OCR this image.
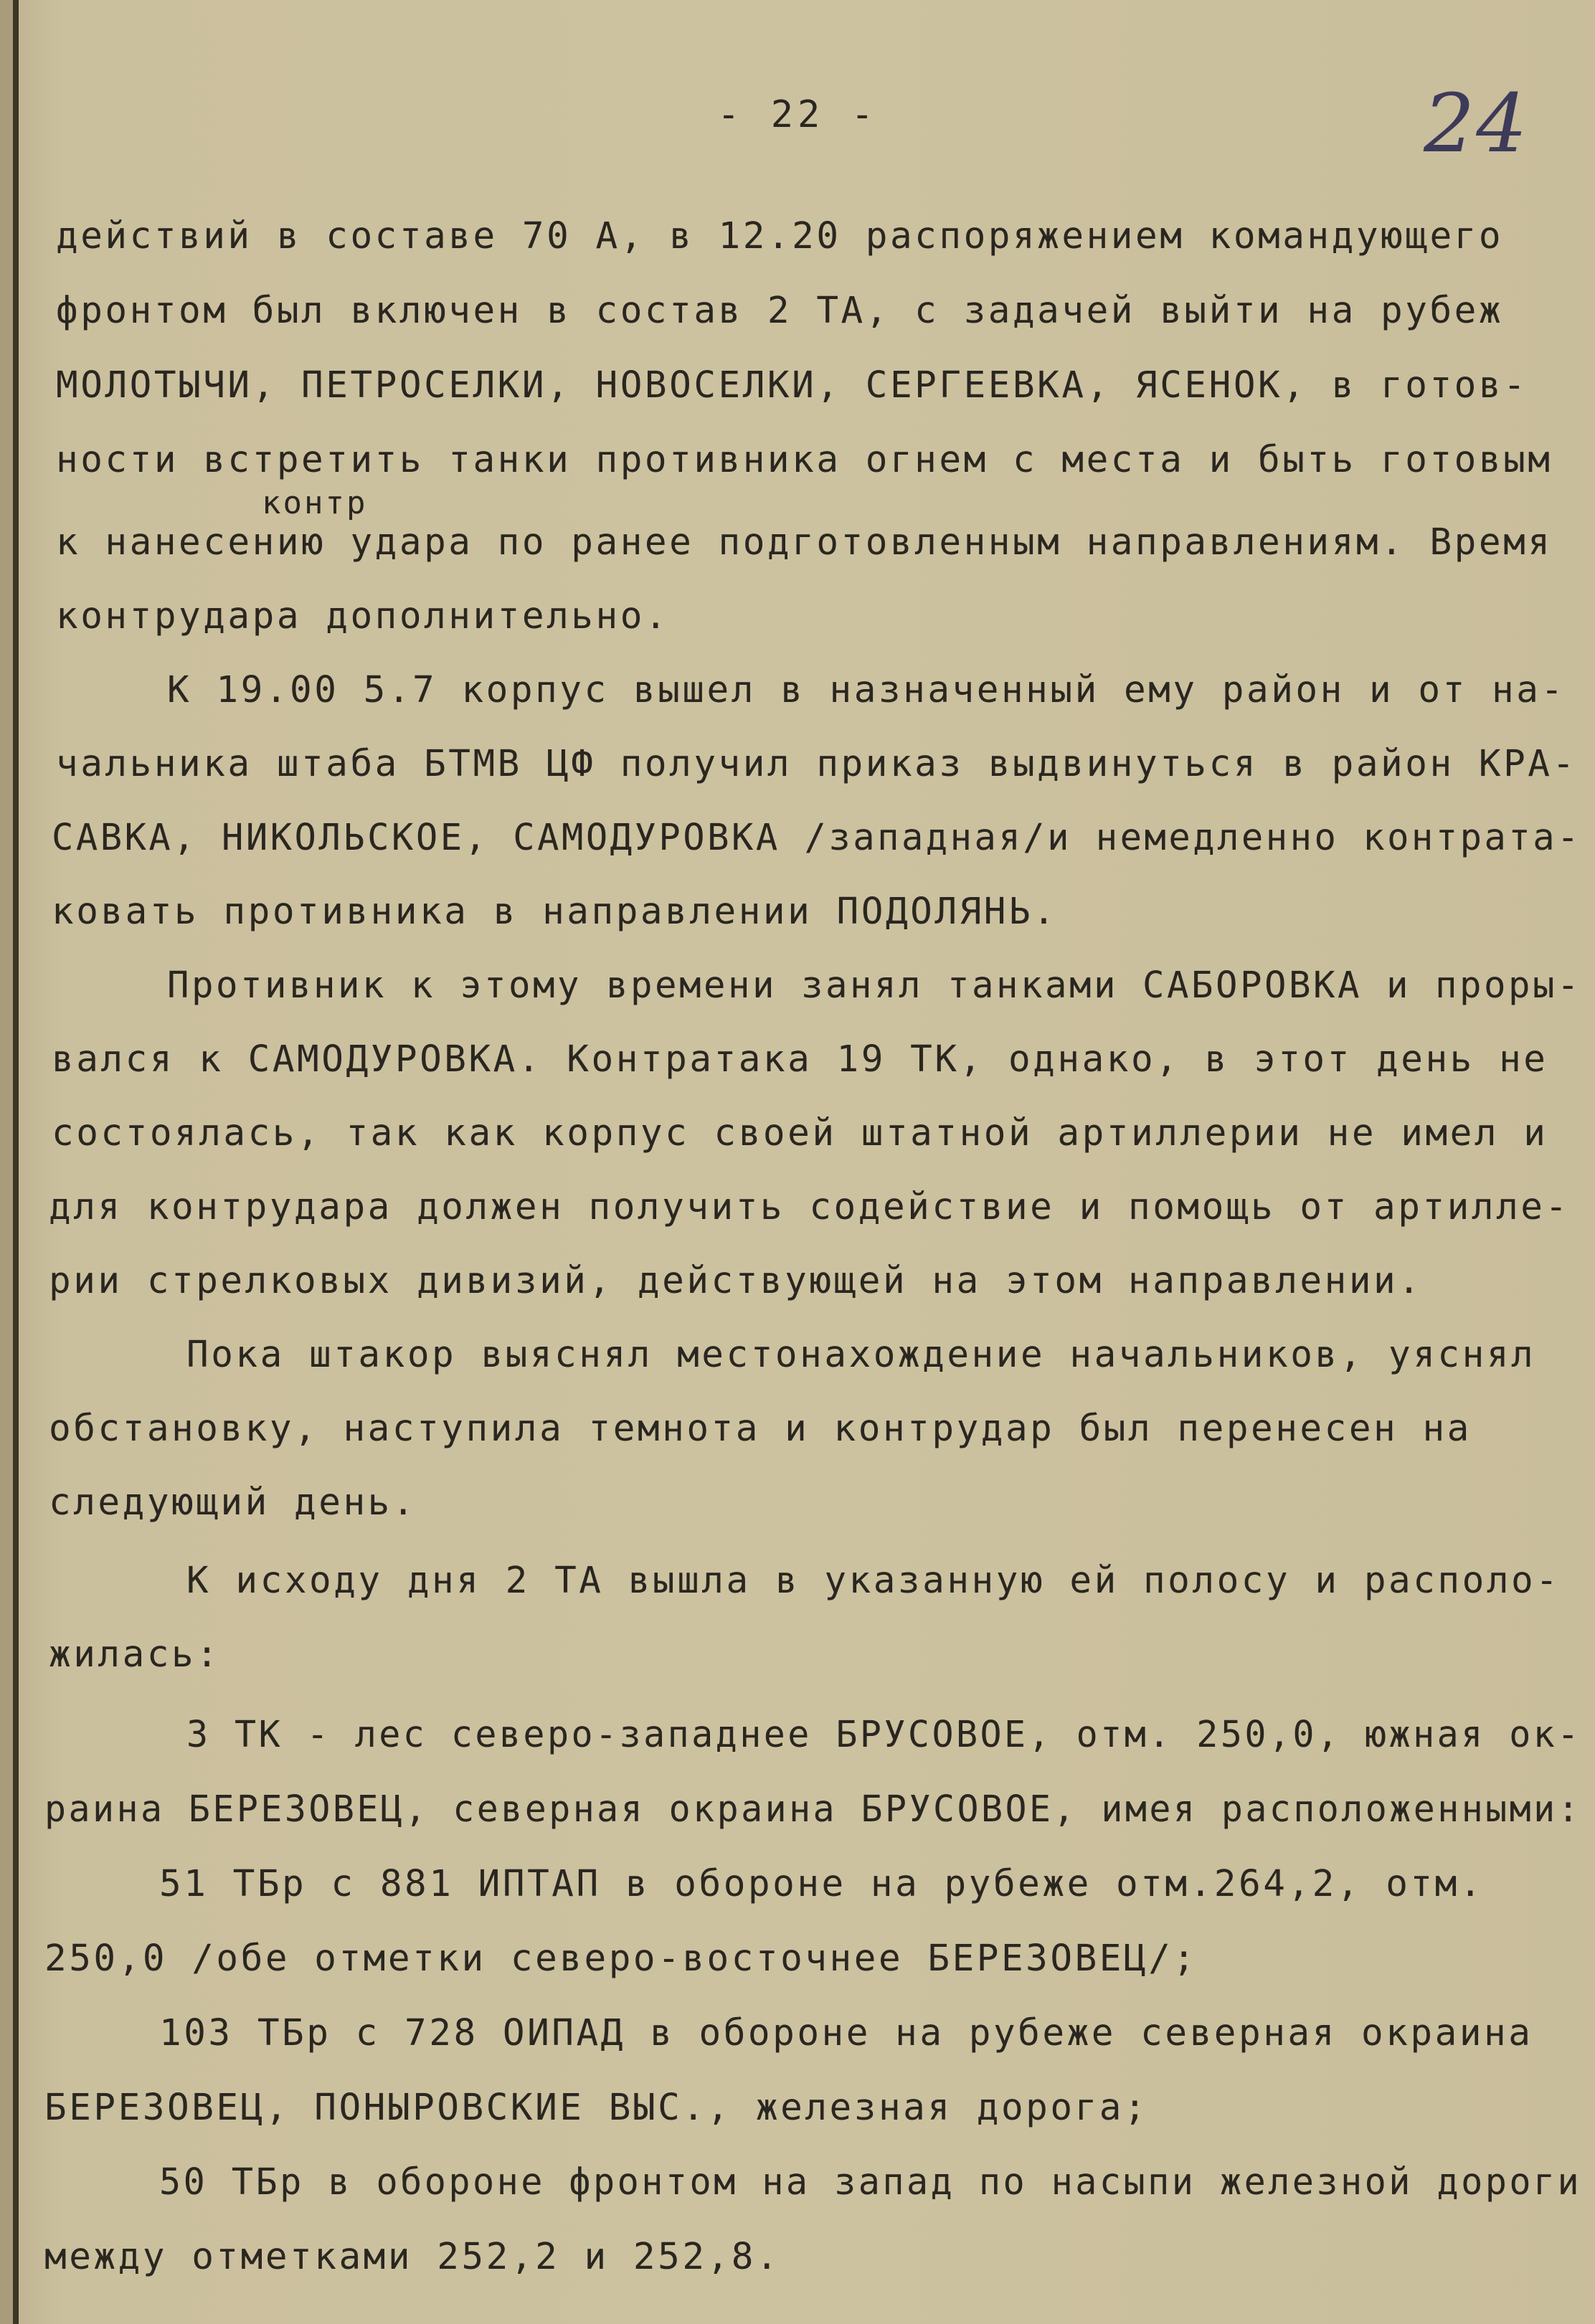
- 22 -	24
контр
действий в составе 70 А, в 12.20 распоряжением командующего
фронтом был включен в состав 2 ТА, с задачей выйти на рубеж
МОЛОТЫЧИ, ПЕТРОСЕЛКИ, НОВОСЕЛКИ, СЕРГЕЕВКА, ЯСЕНОК, в готов-
ности встретить танки противника огнем с места и быть готовым
к нанесению удара по ранее подготовленным направлениям. Время
контрудара дополнительно.
К 19.00 5.7 корпус вышел в назначенный ему район и от на-
чальника штаба БТМВ ЦФ получил приказ выдвинуться в район КРА-
САВКА, НИКОЛЬСКОЕ, САМОДУРОВКА /западная/и немедленно контрата-
ковать противника в направлении ПОДОЛЯНЬ.
Противник к этому времени занял танками САБОРОВКА и проры-
вался к САМОДУРОВКА. Контратака 19 ТК, однако, в этот день не
состоялась, так как корпус своей штатной артиллерии не имел и
для контрудара должен получить содействие и помощь от артилле-
рии стрелковых дивизий, действующей на этом направлении.
Пока штакор выяснял местонахождение начальников, уяснял
обстановку, наступила темнота и контрудар был перенесен на
следующий день.
К исходу дня 2 ТА вышла в указанную ей полосу и располо-
жилась:
3 ТК - лес северо-западнее БРУСОВОЕ, отм. 250,0, южная ок-
раина БЕРЕЗОВЕЦ, северная окраина БРУСОВОЕ, имея расположенными:
51 ТБр с 881 ИПТАП в обороне на рубеже отм.264,2, отм.
250,0 /обе отметки северо-восточнее БЕРЕЗОВЕЦ/;
103 ТБр с 728 ОИПАД в обороне на рубеже северная окраина
БЕРЕЗОВЕЦ, ПОНЫРОВСКИЕ ВЫС., железная дорога;
50 ТБр в обороне фронтом на запад по насыпи железной дороги
между отметками 252,2 и 252,8.
